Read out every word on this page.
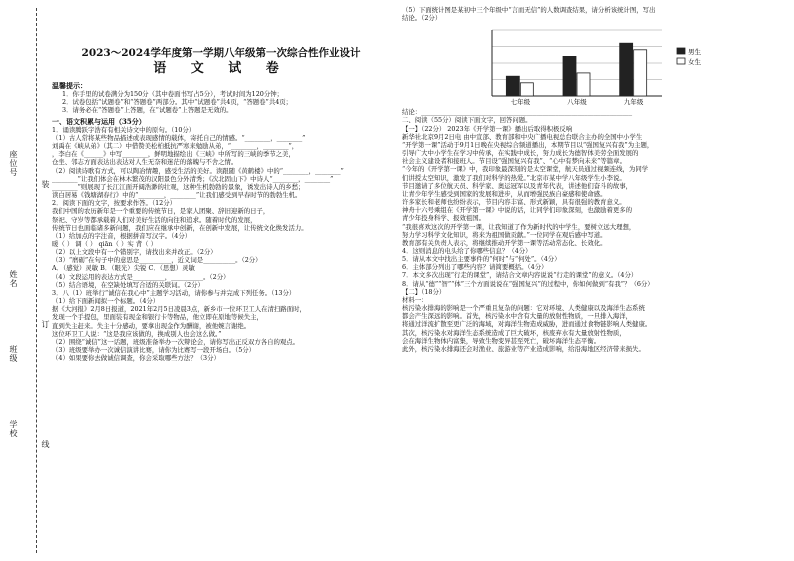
座位号
姓名
班级
学校
装
订
线

2023～2024学年度第一学期八年级第一次综合性作业设计

语 文 试 卷

温馨提示：

1．你手里的试卷满分为150分（其中卷面书写占5分），考试时间为120分钟；

2．试卷包括“试题卷”和“答题卷”两部分。其中“试题卷”共4页，“答题卷”共4页；

3．请务必在“答题卷”上答题，在“试题卷”上答题是无效的。

一、语文积累与运用（35分）

1．诵读腾跃宇浩有有相关诗文中的原句。（10分）

（1）古人常将某些物品描述或表现感情的载体，寄托自己的情感。“________，________”

刘禹在《峡从弟》（其二）中借赞美松柏抵抗严寒来勉励从弟，“________，________”，

，李白在《______》中写________，鲜明地描绘出《三峡》中所写的三峡的季节之美，

仓坐、邻志方面表达出表达对人生无奈和迷茫的落魄与不舍之情。

（2）阅读诗歌有方式，可以陶冶情趣，感受生活的美好。读跟随《黄鹤楼》中的“________，________”

________”让我们体会在林木繁茂的汉阳景色分外清秀；《次北固山下》中诗人“________，________”

________”则展现了长江江面开阔浩渺的壮观，这种生机勃勃的景象，诱发出诗人的乡愁；

读白居易《钱塘湖春行》中的“________，________”让我们感受到早春时节的勃勃生机。

2．阅读下面的文字，按要求作答。（12分）

我们中国的农历新年是一个重要的传统节日，是家人团聚、辞旧迎新的日子，

祭祀、守岁等都承载着人们对美好生活的向往和追求。随着时代的发展，

传统节日也面临诸多新问题，我们应在继承中创新，在创新中发展，让传统文化焕发活力。

（1）给加点的字注音，根据拼音写汉字。（4分）

暖（ ） 调（ ） qiān（ ）实 背（ ）

（2）以上文段中有一个错别字，请找出来并改正。（2分）

（3）“磨砺”在句子中的意思是__________，近义词是__________。（2分）

A．（感觉）灵敏 B．（眼光）尖锐 C．（思想）灵敏

（4）文段运用的表达方式是__________，__________。（2分）

（5）结合语境，在空缺处填写合适的关联词。（2分）

3．八（1）班举行“诚信在我心中”主题学习活动，请你参与并完成下列任务。（13分）

（1）给下面新闻拟一个标题。（4分）

据《大河报》2月8日报道，2021年2月5日凌晨3点，新乡市一位环卫工人在清扫路面时，

发现一个手提包，里面装有现金和银行卡等物品，他立即在原地等候失主，

直到失主赶来。失主十分感动，要拿出现金作为酬谢，被他婉言谢绝。

这位环卫工人说：“这是我应该做的，换成别人也会这么做。”

（2）围绕“诚信”这一话题，班级准备举办一次辩论会，请你写出正反双方各自的观点。

（3）班级要举办一次诚信演讲比赛，请你为比赛写一段开场白。（5分）

（4）如果要你去做诚信调查，你会采取哪些方法？（3分）

（5）下面统计图是某初中三个年级中“言而无信”的人数调查结果，请分析该统计图，写出

结论。（2分）

七年级	八年级	九年级
男生
女生

结论：__________________________________________________________________

二、阅读（55分）阅读下面文字，回答问题。

【一】（22分） 2023年《开学第一课》播出后取得积极反响

新华社北京9月2日电 由中宣部、教育部和中央广播电视总台联合主办的全国中小学生

“开学第一课”活动于9月1日晚在央视综合频道播出，本期节目以“强国复兴有我”为主题，

引导广大中小学生在学习中传承，在实践中成长，努力成长为德智体美劳全面发展的

社会主义建设者和接班人。节目设“强国复兴有我”、“心中有梦向未来”等篇章。

“今年的《开学第一课》中，我印象最深刻的是太空课堂，航天员通过视频连线，为同学

们讲授太空知识，激发了我们对科学的热爱。”北京市某中学八年级学生小李说。

节目邀请了多位航天员、科学家、奥运冠军以及青年代表，讲述他们奋斗的故事，

让青少年学生感受到国家的发展和进步，从而增强民族自豪感和使命感。

许多家长和老师也纷纷表示，节目内容丰富、形式新颖，具有很强的教育意义。

神舟十六号乘组在《开学第一课》中说的话，让同学们印象深刻，也激励着更多的

青少年投身科学、报效祖国。

“我很喜欢这次的开学第一课，让我知道了作为新时代的中学生，要树立远大理想，

努力学习科学文化知识，将来为祖国做贡献。”一位同学在观后感中写道。

教育部有关负责人表示，将继续推动开学第一课等活动常态化、长效化。

4．这则消息的电头给了你哪些信息？（4分）

5．请从本文中找出主要事件的“何时”与“何处”。（4分）

6．主体部分列出了哪些内容？请简要概括。（4分）

7．本文多次出现“行走的课堂”，请结合文章内容说说“行走的课堂”的意义。（4分）

8．请从“德”“智”“体”三个方面说说在“强国复兴”的过程中，你如何做到“有我”？（6分）

【二】（18分）

材料一：

核污染水排海的影响是一个严重且复杂的问题：它对环境、人类健康以及海洋生态系统

都会产生深远的影响。首先，核污染水中含有大量的放射性物质，一旦排入海洋，

将通过洋流扩散至更广泛的海域，对海洋生物造成威胁，进而通过食物链影响人类健康。

其次，核污染水对海洋生态系统造成了巨大破坏，核废弃水有大量放射性物质，

会在海洋生物体内富集，导致生物变异甚至死亡，破坏海洋生态平衡。

此外，核污染水排海还会对渔业、旅游业等产业造成影响，给沿海地区经济带来损失。
